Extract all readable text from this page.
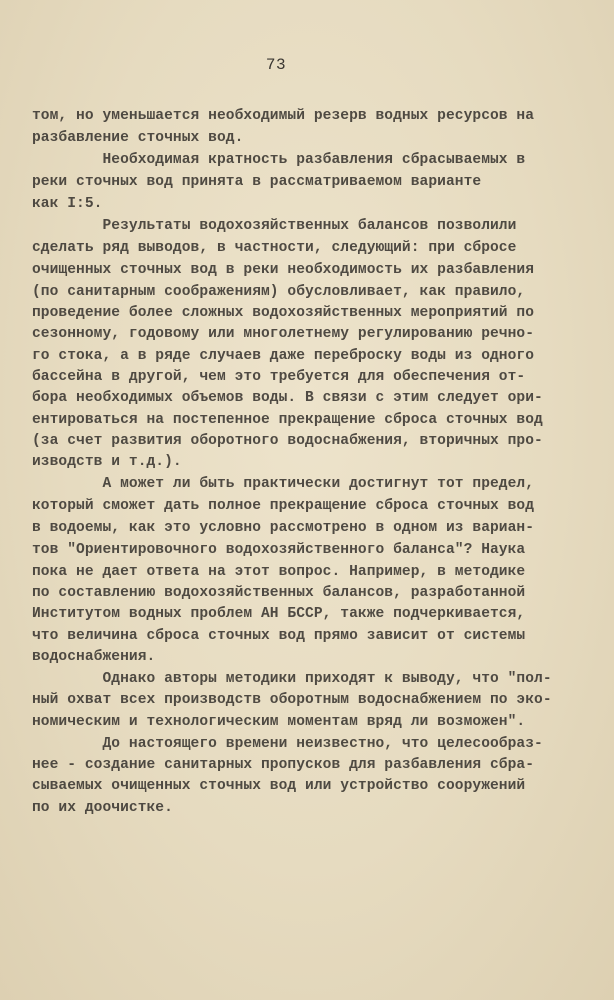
73
том, но уменьшается необходимый резерв водных ресурсов на
разбавление сточных вод.
Необходимая кратность разбавления сбрасываемых в
реки сточных вод принята в рассматриваемом варианте
как I:5.
Результаты водохозяйственных балансов позволили
сделать ряд выводов, в частности, следующий: при сбросе
очищенных сточных вод в реки необходимость их разбавления
(по санитарным соображениям) обусловливает, как правило,
проведение более сложных водохозяйственных мероприятий по
сезонному, годовому или многолетнему регулированию речно-
го стока, а в ряде случаев даже переброску воды из одного
бассейна в другой, чем это требуется для обеспечения от-
бора необходимых объемов воды. В связи с этим следует ори-
ентироваться на постепенное прекращение сброса сточных вод
(за счет развития оборотного водоснабжения, вторичных про-
изводств и т.д.).
А может ли быть практически достигнут тот предел,
который сможет дать полное прекращение сброса сточных вод
в водоемы, как это условно рассмотрено в одном из вариан-
тов "Ориентировочного водохозяйственного баланса"? Наука
пока не дает ответа на этот вопрос. Например, в методике
по составлению водохозяйственных балансов, разработанной
Институтом водных проблем АН БССР, также подчеркивается,
что величина сброса сточных вод прямо зависит от системы
водоснабжения.
Однако авторы методики приходят к выводу, что "пол-
ный охват всех производств оборотным водоснабжением по эко-
номическим и технологическим моментам вряд ли возможен".
До настоящего времени неизвестно, что целесообраз-
нее - создание санитарных пропусков для разбавления сбра-
сываемых очищенных сточных вод или устройство сооружений
по их доочистке.
